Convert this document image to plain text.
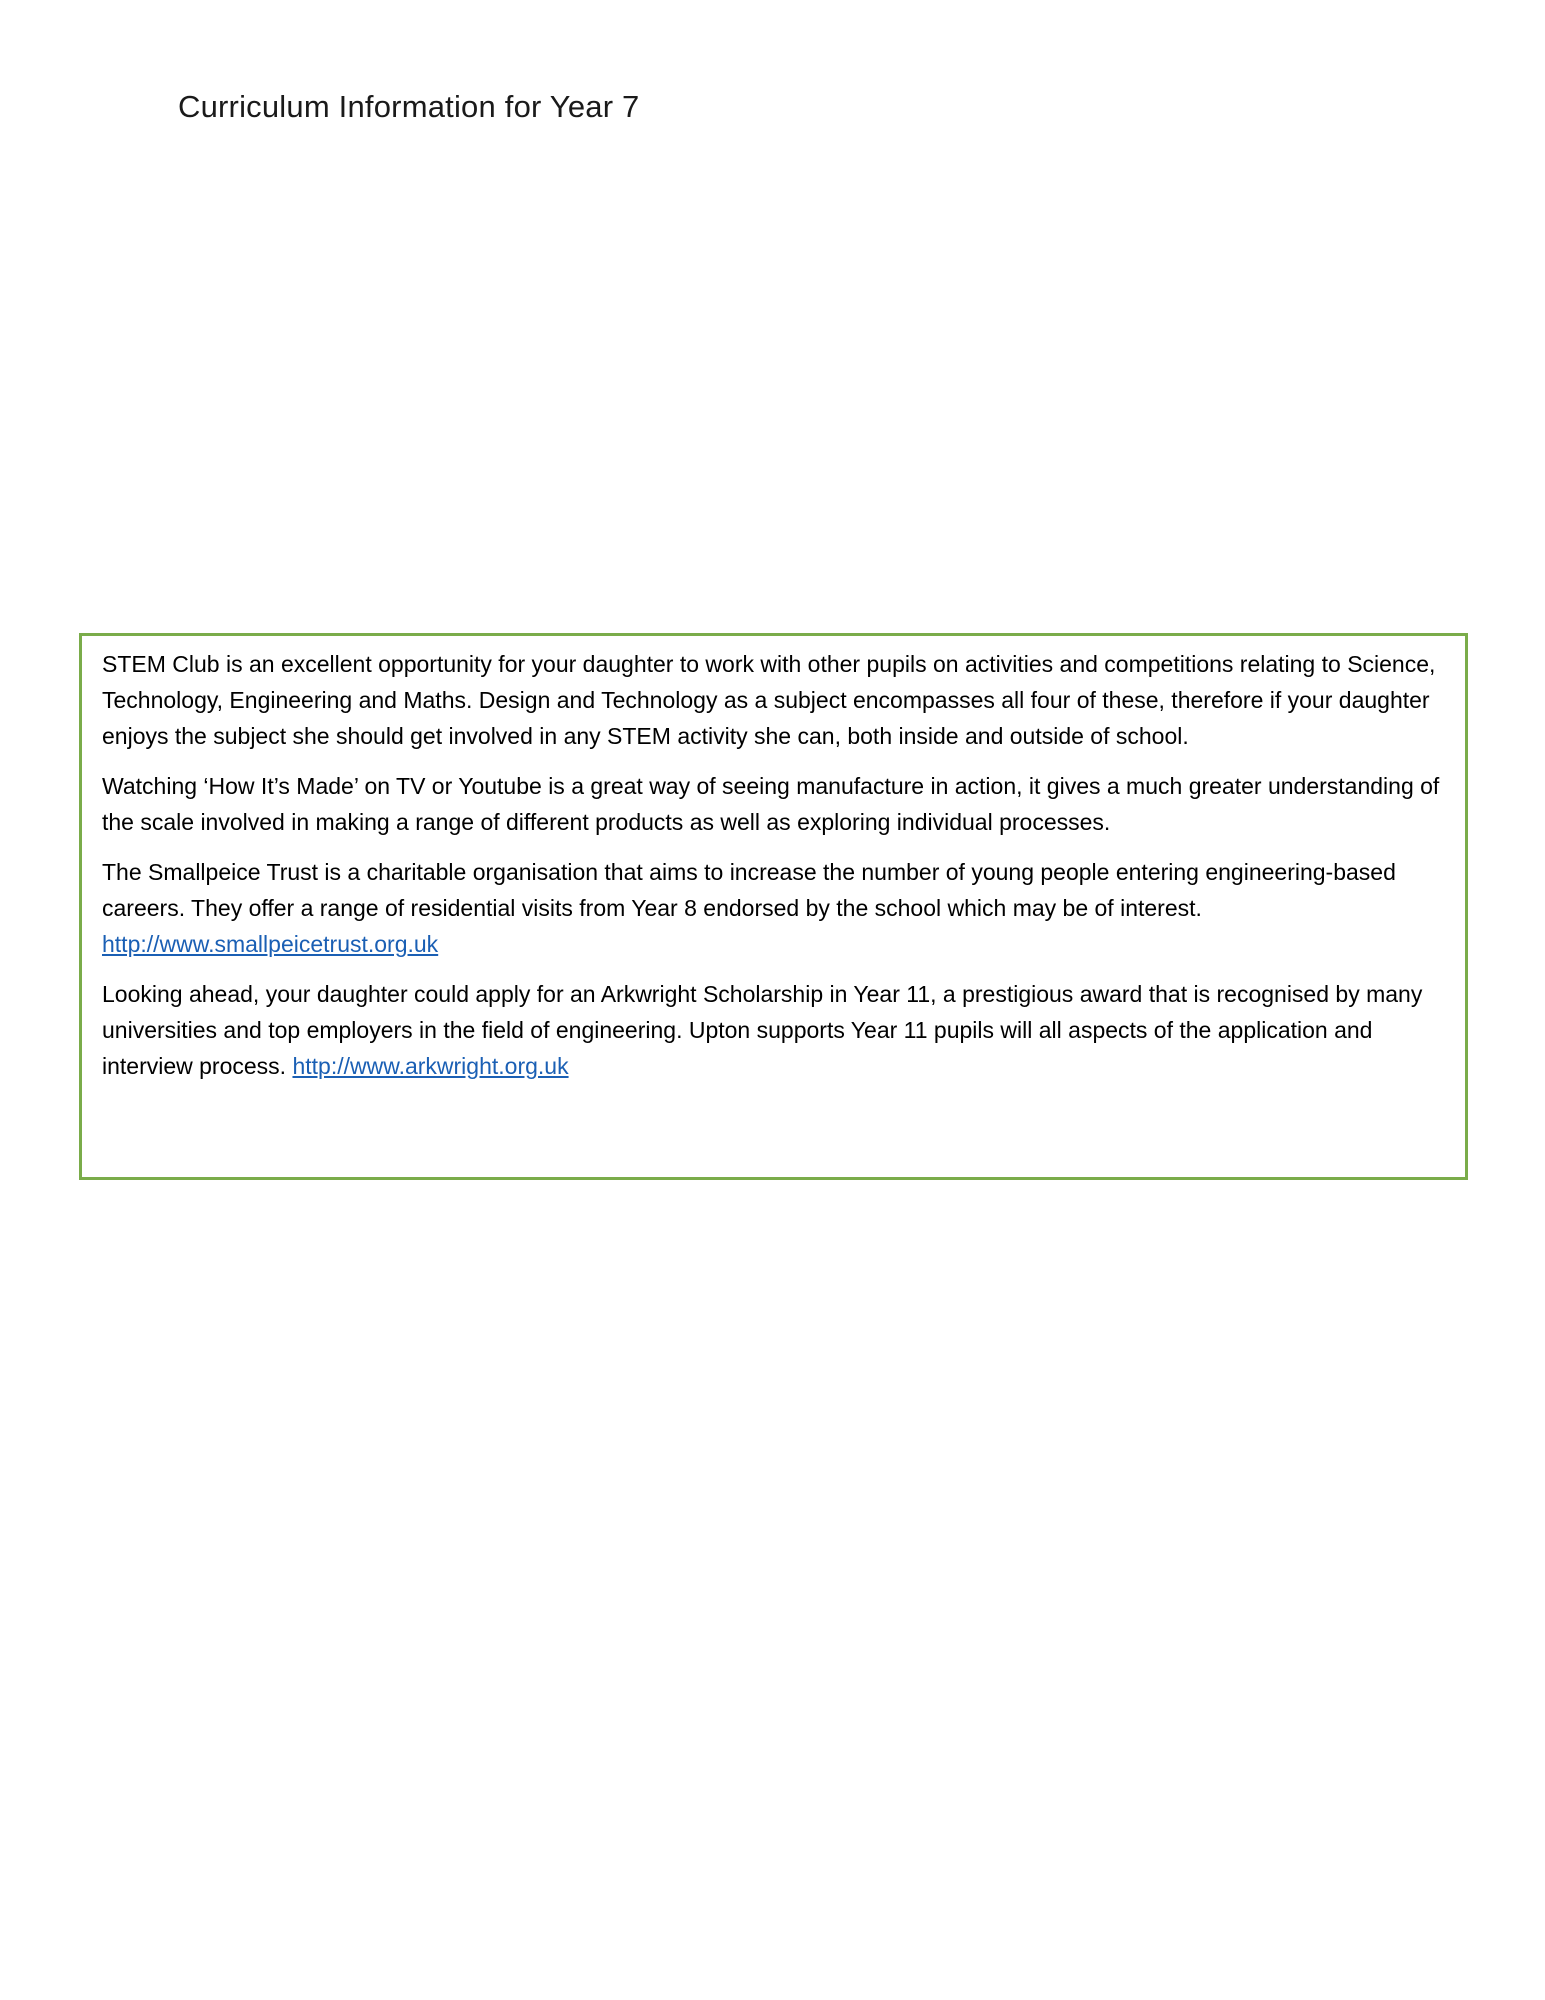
Curriculum Information for Year 7

STEM Club is an excellent opportunity for your daughter to work with other pupils on activities and competitions relating to Science, Technology, Engineering and Maths. Design and Technology as a subject encompasses all four of these, therefore if your daughter enjoys the subject she should get involved in any STEM activity she can, both inside and outside of school.

Watching ‘How It’s Made’ on TV or Youtube is a great way of seeing manufacture in action, it gives a much greater understanding of the scale involved in making a range of different products as well as exploring individual processes.

The Smallpeice Trust is a charitable organisation that aims to increase the number of young people entering engineering-based careers. They offer a range of residential visits from Year 8 endorsed by the school which may be of interest.
http://www.smallpeicetrust.org.uk

Looking ahead, your daughter could apply for an Arkwright Scholarship in Year 11, a prestigious award that is recognised by many universities and top employers in the field of engineering. Upton supports Year 11 pupils will all aspects of the application and interview process. http://www.arkwright.org.uk
